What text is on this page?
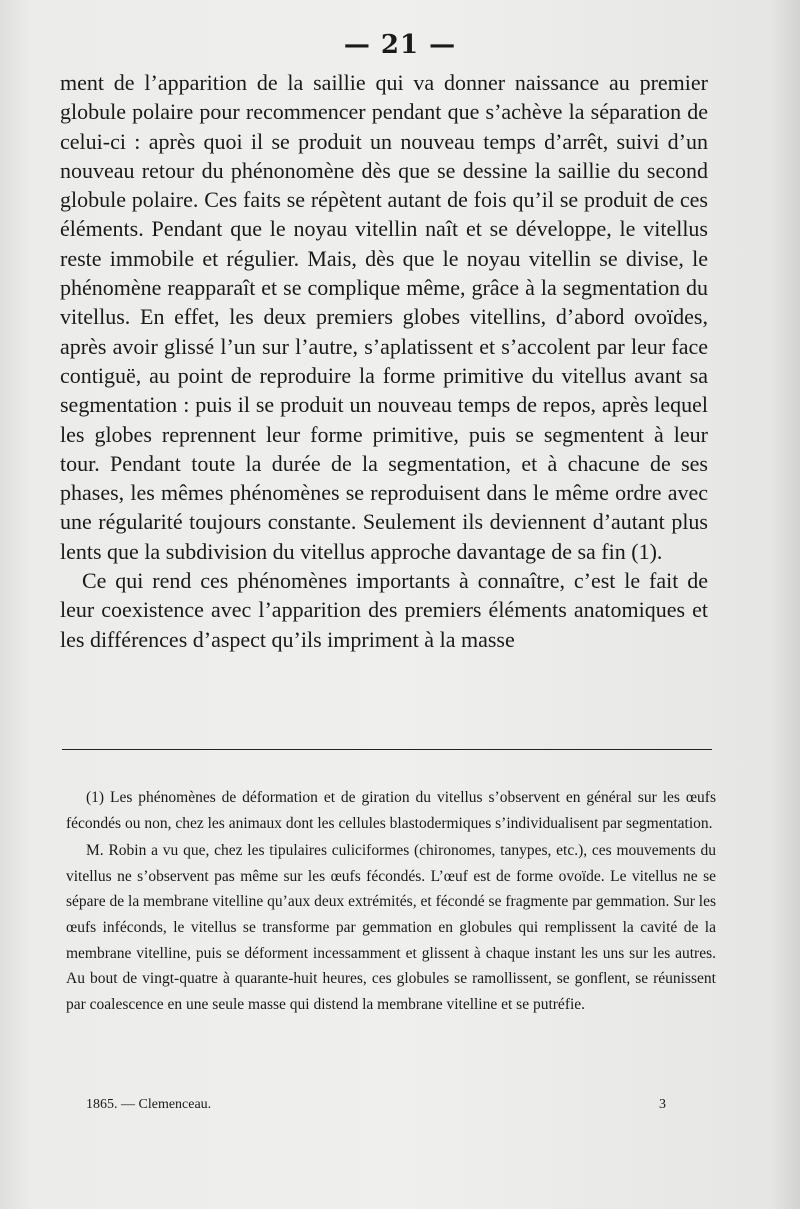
— 21 —

ment de l’apparition de la saillie qui va donner naissance au premier globule polaire pour recommencer pendant que s’achève la séparation de celui-ci : après quoi il se produit un nouveau temps d’arrêt, suivi d’un nouveau retour du phénonomène dès que se dessine la saillie du second globule polaire. Ces faits se répètent autant de fois qu’il se produit de ces éléments. Pendant que le noyau vitellin naît et se développe, le vitellus reste immobile et régulier. Mais, dès que le noyau vitellin se divise, le phénomène reapparaît et se complique même, grâce à la segmentation du vitellus. En effet, les deux premiers globes vitellins, d’abord ovoïdes, après avoir glissé l’un sur l’autre, s’aplatissent et s’accolent par leur face contiguë, au point de reproduire la forme primitive du vitellus avant sa segmentation : puis il se produit un nouveau temps de repos, après lequel les globes reprennent leur forme primitive, puis se segmentent à leur tour. Pendant toute la durée de la segmentation, et à chacune de ses phases, les mêmes phénomènes se reproduisent dans le même ordre avec une régularité toujours constante. Seulement ils deviennent d’autant plus lents que la subdivision du vitellus approche davantage de sa fin (1).

Ce qui rend ces phénomènes importants à connaître, c’est le fait de leur coexistence avec l’apparition des premiers éléments anatomiques et les différences d’aspect qu’ils impriment à la masse

(1) Les phénomènes de déformation et de giration du vitellus s’observent en général sur les œufs fécondés ou non, chez les animaux dont les cellules blastodermiques s’individualisent par segmentation.

M. Robin a vu que, chez les tipulaires culiciformes (chironomes, tanypes, etc.), ces mouvements du vitellus ne s’observent pas même sur les œufs fécondés. L’œuf est de forme ovoïde. Le vitellus ne se sépare de la membrane vitelline qu’aux deux extrémités, et fécondé se fragmente par gemmation. Sur les œufs inféconds, le vitellus se transforme par gemmation en globules qui remplissent la cavité de la membrane vitelline, puis se déforment incessamment et glissent à chaque instant les uns sur les autres. Au bout de vingt-quatre à quarante-huit heures, ces globules se ramollissent, se gonflent, se réunissent par coalescence en une seule masse qui distend la membrane vitelline et se putréfie.

1865. — Clemenceau.	3
